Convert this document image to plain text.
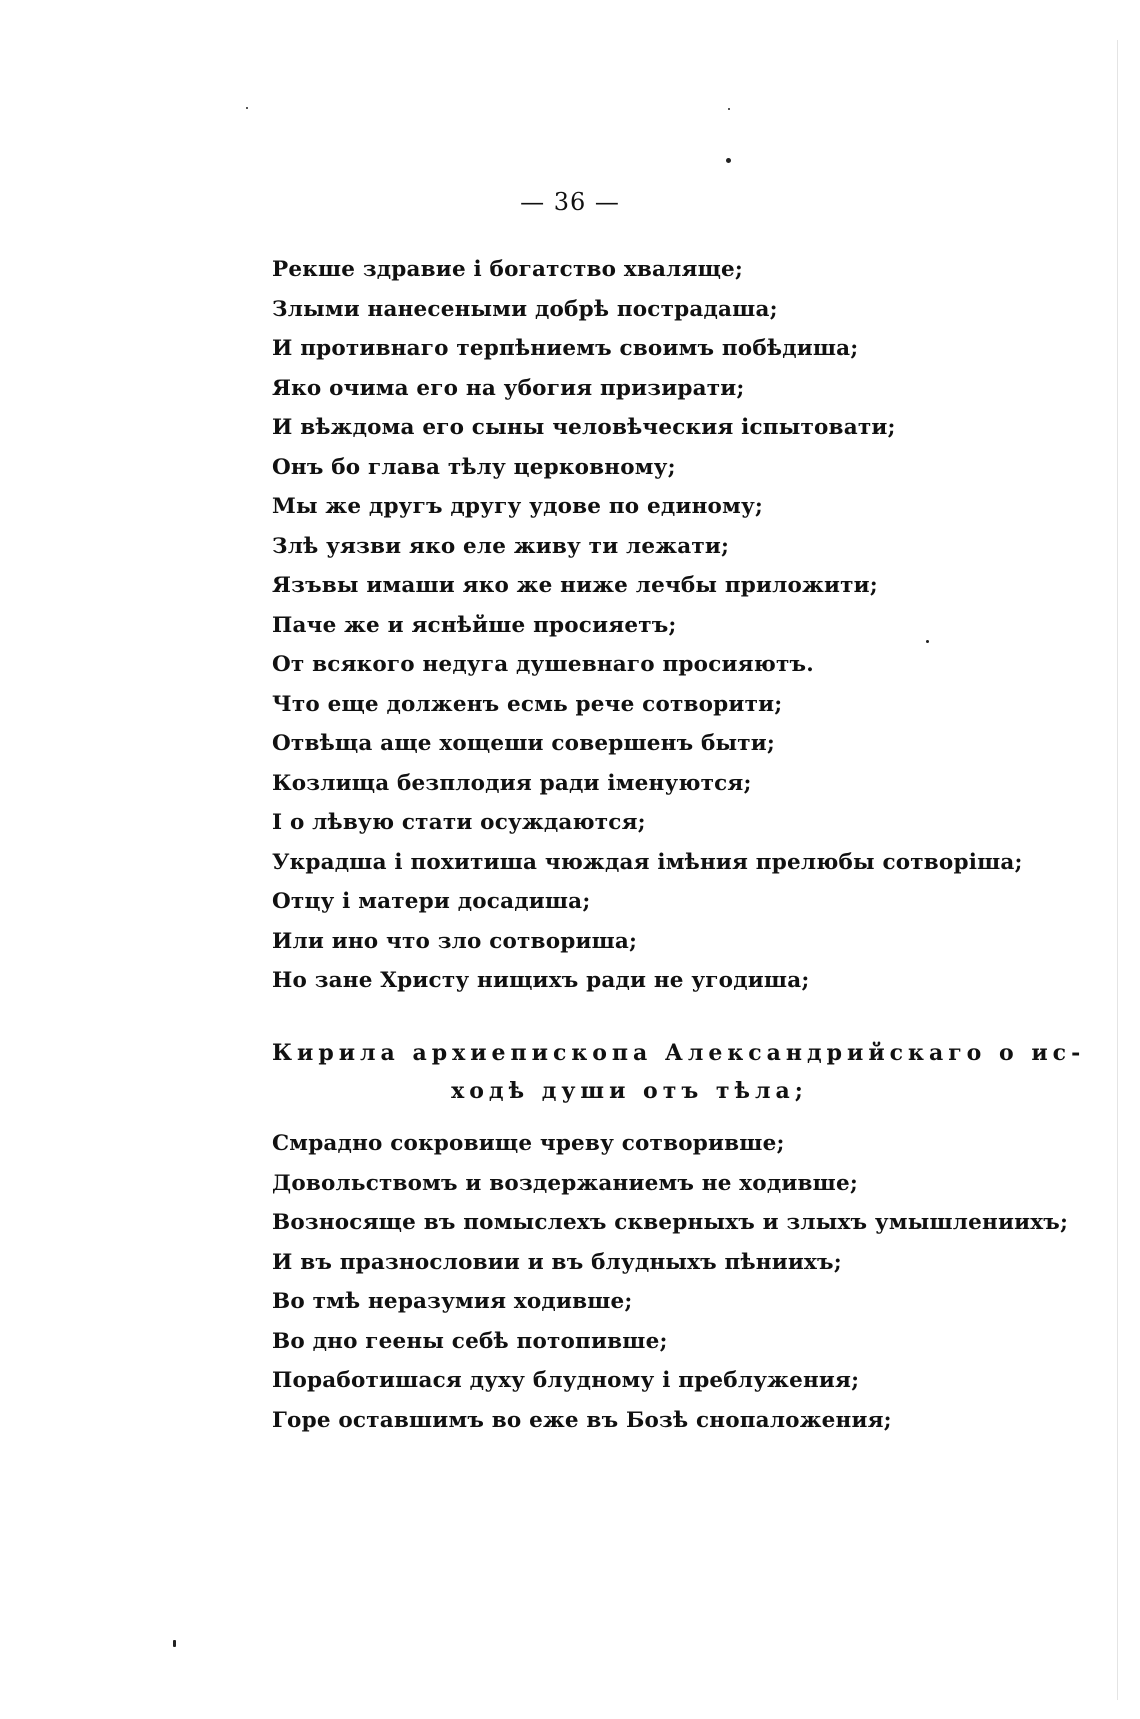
— 36 —
Рекше здравие і богатство хваляще;
Злыми нанесеными добрѣ пострадаша;
И противнаго терпѣниемъ своимъ побѣдиша;
Яко очима его на убогия призирати;
И вѣждома его сыны человѣческия іспытовати;
Онъ бо глава тѣлу церковному;
Мы же другъ другу удове по единому;
Злѣ уязви яко еле живу ти лежати;
Язъвы имаши яко же ниже лечбы приложити;
Паче же и яснѣйше просияетъ;
От всякого недуга душевнаго просияютъ.
Что еще долженъ есмь рече сотворити;
Отвѣща аще хощеши совершенъ быти;
Козлища безплодия ради іменуются;
І о лѣвую стати осуждаются;
Украдша і похитиша чюждая імѣния прелюбы сотворіша;
Отцу і матери досадиша;
Или ино что зло сотвориша;
Но зане Христу нищихъ ради не угодиша;
Кирила архиепископа Александрийскаго о ис-
ходѣ души отъ тѣла;
Смрадно сокровище чреву сотворивше;
Довольствомъ и воздержаниемъ не ходивше;
Возносяще въ помыслехъ скверныхъ и злыхъ умышлениихъ;
И въ празнословии и въ блудныхъ пѣниихъ;
Во тмѣ неразумия ходивше;
Во дно геены себѣ потопивше;
Поработишася духу блудному і преблужения;
Горе оставшимъ во еже въ Бозѣ снопаложения;
